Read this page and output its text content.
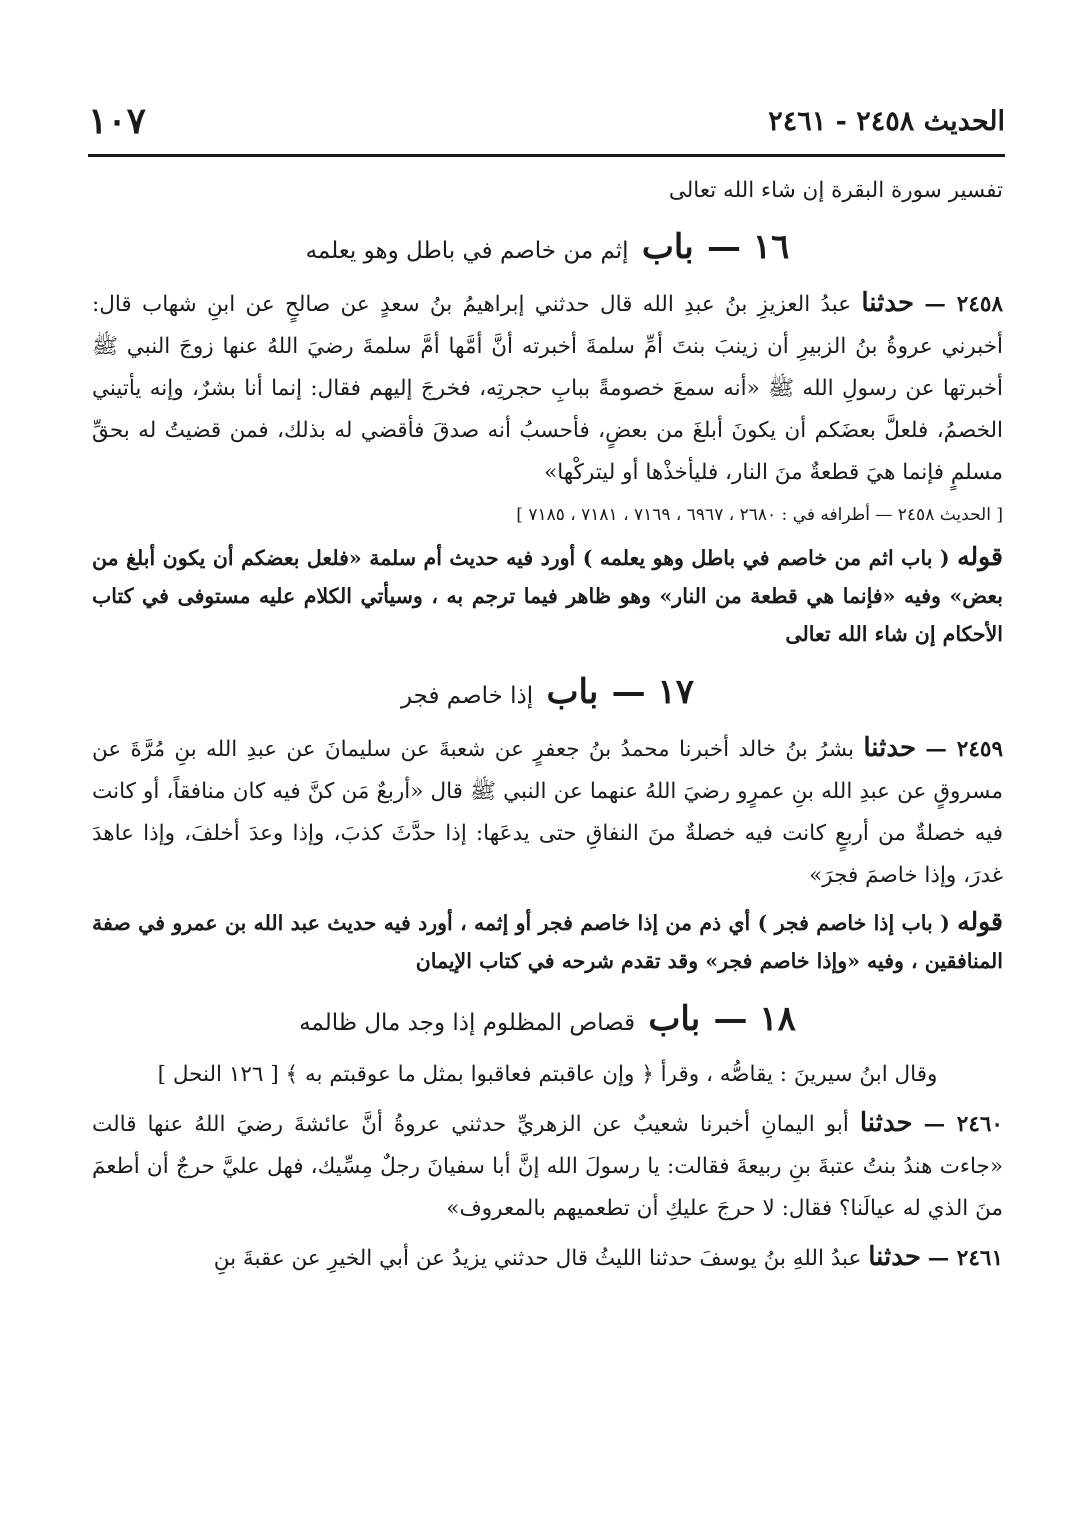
الحديث ٢٤٥٨ - ٢٤٦١
١٠٧

تفسير سورة البقرة إن شاء الله تعالى

١٦ — باب إثم من خاصم في باطل وهو يعلمه

٢٤٥٨ — حدثنا عبدُ العزيزِ بنُ عبدِ الله قال حدثني إبراهيمُ بنُ سعدٍ عن صالحٍ عن ابنِ شهاب قال: أخبرني عروةُ بنُ الزبيرِ أن زينبَ بنتَ أمِّ سلمةَ أخبرته أنَّ أمَّها أمَّ سلمةَ رضيَ اللهُ عنها زوجَ النبي ﷺ أخبرتها عن رسولِ الله ﷺ «أنه سمعَ خصومةً ببابِ حجرتِه، فخرجَ إليهم فقال: إنما أنا بشرٌ، وإنه يأتيني الخصمُ، فلعلَّ بعضَكم أن يكونَ أبلغَ من بعضٍ، فأحسبُ أنه صدقَ فأقضي له بذلك، فمن قضيتُ له بحقِّ مسلمٍ فإنما هيَ قطعةٌ منَ النار، فليأخذْها أو ليتركْها»

[ الحديث ٢٤٥٨ — أطرافه في : ٢٦٨٠ ، ٦٩٦٧ ، ٧١٦٩ ، ٧١٨١ ، ٧١٨٥ ]

قوله ( باب اثم من خاصم في باطل وهو يعلمه ) أورد فيه حديث أم سلمة «فلعل بعضكم أن يكون أبلغ من بعض» وفيه «فإنما هي قطعة من النار» وهو ظاهر فيما ترجم به ، وسيأتي الكلام عليه مستوفى في كتاب الأحكام إن شاء الله تعالى

١٧ — باب إذا خاصم فجر

٢٤٥٩ — حدثنا بشرُ بنُ خالد أخبرنا محمدُ بنُ جعفرٍ عن شعبةَ عن سليمانَ عن عبدِ الله بنِ مُرَّةَ عن مسروقٍ عن عبدِ الله بنِ عمرٍو رضيَ اللهُ عنهما عن النبي ﷺ قال «أربعٌ مَن كنَّ فيه كان منافقاً، أو كانت فيه خصلةٌ من أربعٍ كانت فيه خصلةٌ منَ النفاقِ حتى يدعَها: إذا حدَّثَ كذبَ، وإذا وعدَ أخلفَ، وإذا عاهدَ غدرَ، وإذا خاصمَ فجرَ»

قوله ( باب إذا خاصم فجر ) أي ذم من إذا خاصم فجر أو إثمه ، أورد فيه حديث عبد الله بن عمرو في صفة المنافقين ، وفيه «وإذا خاصم فجر» وقد تقدم شرحه في كتاب الإيمان

١٨ — باب قصاص المظلوم إذا وجد مال ظالمه

وقال ابنُ سيرينَ : يقاصُّه ، وقرأ ﴿ وإن عاقبتم فعاقبوا بمثل ما عوقبتم به ﴾ [ ١٢٦ النحل ]

٢٤٦٠ — حدثنا أبو اليمانِ أخبرنا شعيبٌ عن الزهريِّ حدثني عروةُ أنَّ عائشةَ رضيَ اللهُ عنها قالت «جاءت هندُ بنتُ عتبةَ بنِ ربيعةَ فقالت: يا رسولَ الله إنَّ أبا سفيانَ رجلٌ مِسِّيك، فهل عليَّ حرجٌ أن أطعمَ منَ الذي له عيالَنا؟ فقال: لا حرجَ عليكِ أن تطعميهم بالمعروف»

٢٤٦١ — حدثنا عبدُ اللهِ بنُ يوسفَ حدثنا الليثُ قال حدثني يزيدُ عن أبي الخيرِ عن عقبةَ بنِ
